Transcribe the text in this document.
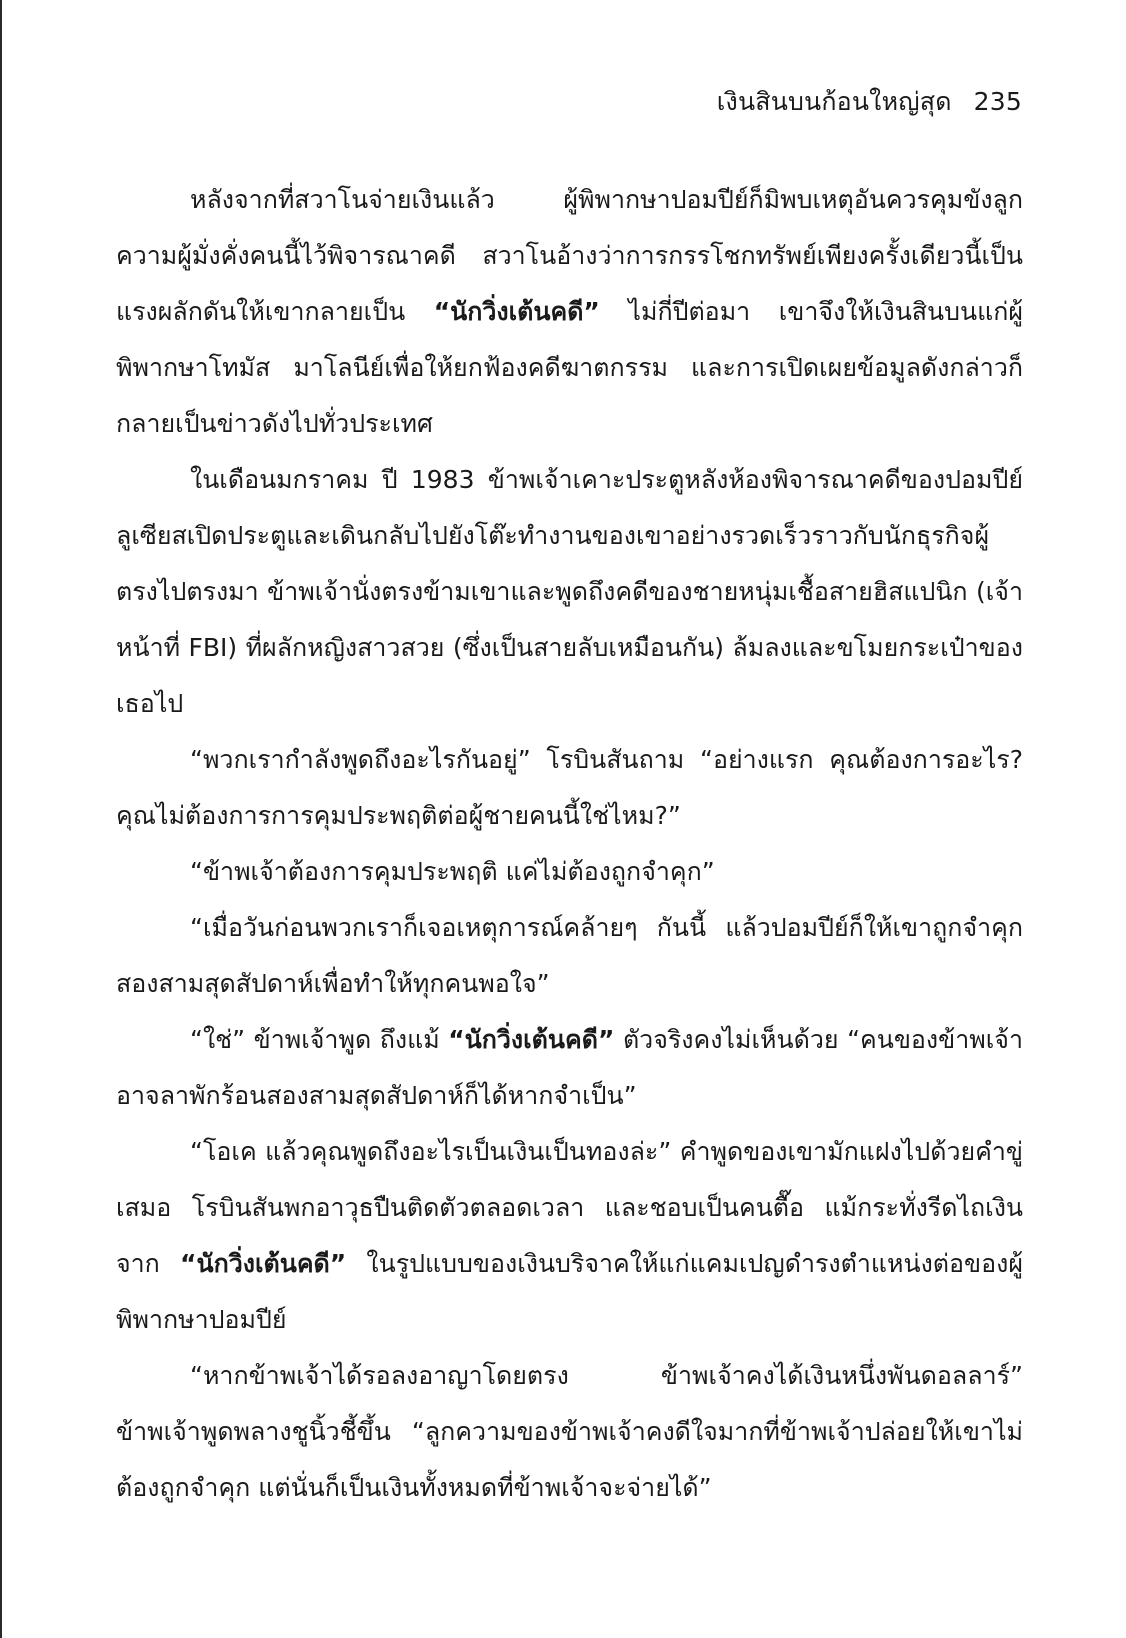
เงินสินบนก้อนใหญ่สุด 235

หลังจากที่สวาโนจ่ายเงินแล้ว ผู้พิพากษาปอมปีย์ก็มิพบเหตุอันควรคุมขังลูกความผู้มั่งคั่งคนนี้ไว้พิจารณาคดี สวาโนอ้างว่าการกรรโชกทรัพย์เพียงครั้งเดียวนี้เป็นแรงผลักดันให้เขากลายเป็น “นักวิ่งเต้นคดี” ไม่กี่ปีต่อมา เขาจึงให้เงินสินบนแก่ผู้พิพากษาโทมัส มาโลนีย์เพื่อให้ยกฟ้องคดีฆาตกรรม และการเปิดเผยข้อมูลดังกล่าวก็กลายเป็นข่าวดังไปทั่วประเทศ

ในเดือนมกราคม ปี 1983 ข้าพเจ้าเคาะประตูหลังห้องพิจารณาคดีของปอมปีย์ ลูเซียสเปิดประตูและเดินกลับไปยังโต๊ะทำงานของเขาอย่างรวดเร็วราวกับนักธุรกิจผู้ตรงไปตรงมา ข้าพเจ้านั่งตรงข้ามเขาและพูดถึงคดีของชายหนุ่มเชื้อสายฮิสแปนิก (เจ้าหน้าที่ FBI) ที่ผลักหญิงสาวสวย (ซึ่งเป็นสายลับเหมือนกัน) ล้มลงและขโมยกระเป๋าของเธอไป

“พวกเรากำลังพูดถึงอะไรกันอยู่” โรบินสันถาม “อย่างแรก คุณต้องการอะไร? คุณไม่ต้องการการคุมประพฤติต่อผู้ชายคนนี้ใช่ไหม?”

“ข้าพเจ้าต้องการคุมประพฤติ แค่ไม่ต้องถูกจำคุก”

“เมื่อวันก่อนพวกเราก็เจอเหตุการณ์คล้ายๆ กันนี้ แล้วปอมปีย์ก็ให้เขาถูกจำคุกสองสามสุดสัปดาห์เพื่อทำให้ทุกคนพอใจ”

“ใช่” ข้าพเจ้าพูด ถึงแม้ “นักวิ่งเต้นคดี” ตัวจริงคงไม่เห็นด้วย “คนของข้าพเจ้าอาจลาพักร้อนสองสามสุดสัปดาห์ก็ได้หากจำเป็น”

“โอเค แล้วคุณพูดถึงอะไรเป็นเงินเป็นทองล่ะ” คำพูดของเขามักแฝงไปด้วยคำขู่เสมอ โรบินสันพกอาวุธปืนติดตัวตลอดเวลา และชอบเป็นคนตื๊อ แม้กระทั่งรีดไถเงินจาก “นักวิ่งเต้นคดี” ในรูปแบบของเงินบริจาคให้แก่แคมเปญดำรงตำแหน่งต่อของผู้พิพากษาปอมปีย์

“หากข้าพเจ้าได้รอลงอาญาโดยตรง ข้าพเจ้าคงได้เงินหนึ่งพันดอลลาร์” ข้าพเจ้าพูดพลางชูนิ้วชี้ขึ้น “ลูกความของข้าพเจ้าคงดีใจมากที่ข้าพเจ้าปล่อยให้เขาไม่ต้องถูกจำคุก แต่นั่นก็เป็นเงินทั้งหมดที่ข้าพเจ้าจะจ่ายได้”
